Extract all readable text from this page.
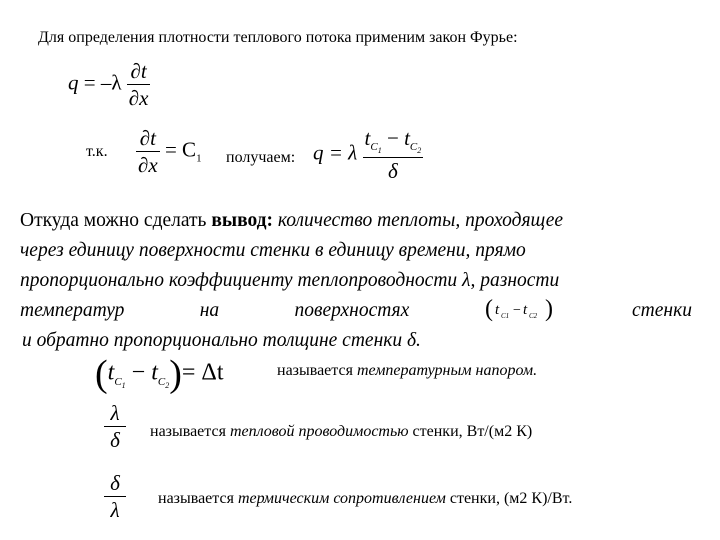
Для определения плотности теплового потока применим закон Фурье:
$q = -\lambda \frac{\partial t}{\partial x}$
т.к. $\frac{\partial t}{\partial x} = C_1$ получаем: q = λ $\frac{t_{C_1} - t_{C_2}}{\delta}$
Откуда можно сделать
вывод:
количество теплоты, проходящее
через единицу поверхности стенки в единицу времени, прямо
пропорционально коэффициенту теплопроводности λ, разности
температур	на	поверхностях	( t C1 − t C2 )	стенки
и обратно пропорционально толщине стенки δ.
$(t_{C_1} - t_{C_2})= \Delta t$	называется температурным напором.
$\frac{\lambda}{\delta}$ называется тепловой проводимостью стенки, Вт/(м2 К)
$\frac{\delta}{\lambda}$ называется термическим сопротивлением стенки, (м2 К)/Вт.
